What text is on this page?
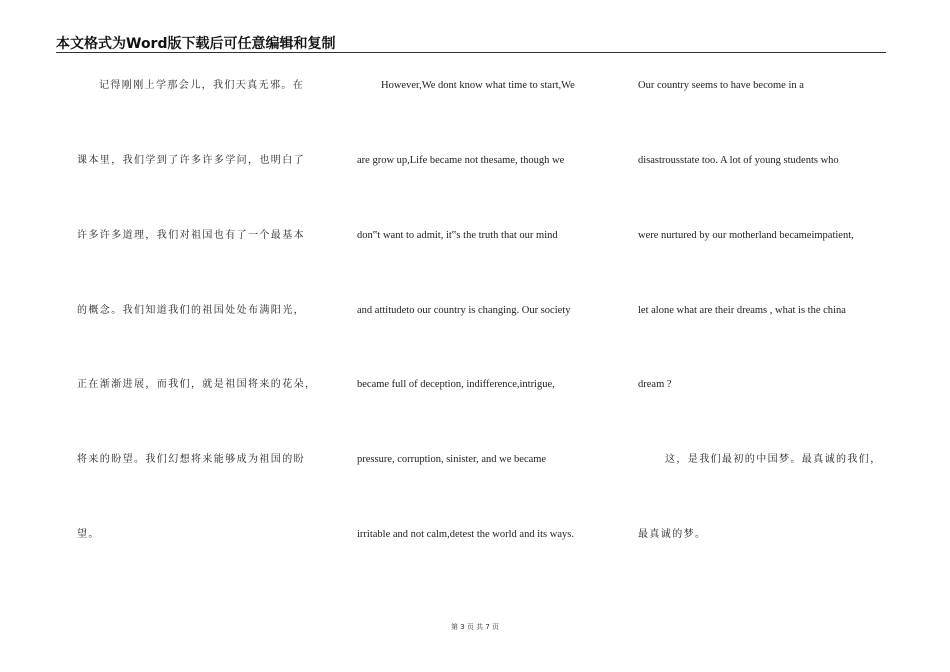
本文格式为Word版下载后可任意编辑和复制
记得刚刚上学那会儿，我们天真无邪。在
课本里，我们学到了许多许多学问，也明白了
许多许多道理，我们对祖国也有了一个最基本
的概念。我们知道我们的祖国处处布满阳光，
正在渐渐进展，而我们，就是祖国将来的花朵，
将来的盼望。我们幻想将来能够成为祖国的盼
望。
However,We dont know what time to start,We
are grow up,Life became not thesame, though we
don‟t want to admit, it‟s the truth that our mind
and attitudeto our country is changing. Our society
became full of deception, indifference,intrigue,
pressure, corruption, sinister, and we became
irritable and not calm,detest the world and its ways.
Our country seems to have become in a
disastrousstate too. A lot of young students who
were nurtured by our motherland becameimpatient,
let alone what are their dreams , what is the china
dream ?
这，是我们最初的中国梦。最真诚的我们，
最真诚的梦。
第 3 页 共 7 页
